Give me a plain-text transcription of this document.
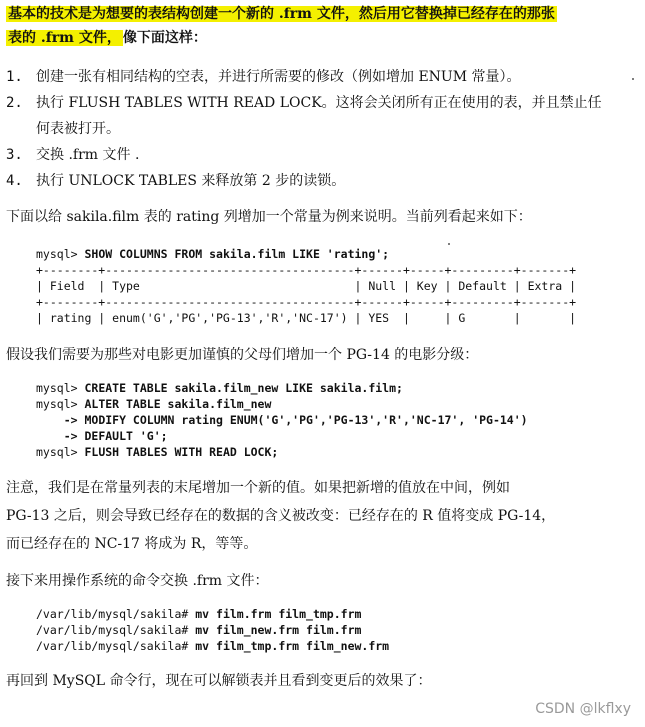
基本的技术是为想要的表结构创建一个新的 .frm 文件，然后用它替换掉已经存在的那张
表的 .frm 文件， 像下面这样：
1. 创建一张有相同结构的空表，并进行所需要的修改（例如增加 ENUM 常量）。
2. 执行 FLUSH TABLES WITH READ LOCK。这将会关闭所有正在使用的表，并且禁止任
何表被打开。
3. 交换 .frm 文件 .
4. 执行 UNLOCK TABLES 来释放第 2 步的读锁。
下面以给 sakila.film 表的 rating 列增加一个常量为例来说明。当前列看起来如下：
mysql> SHOW COLUMNS FROM sakila.film LIKE 'rating';
+--------+------------------------------------+------+-----+---------+-------+
| Field  | Type                               | Null | Key | Default | Extra |
+--------+------------------------------------+------+-----+---------+-------+
| rating | enum('G','PG','PG-13','R','NC-17') | YES  |     | G       |       |
假设我们需要为那些对电影更加谨慎的父母们增加一个 PG-14 的电影分级：
mysql> CREATE TABLE sakila.film_new LIKE sakila.film;
mysql> ALTER TABLE sakila.film_new
-> MODIFY COLUMN rating ENUM('G','PG','PG-13','R','NC-17', 'PG-14')
-> DEFAULT 'G';
mysql> FLUSH TABLES WITH READ LOCK;
注意，我们是在常量列表的末尾增加一个新的值。如果把新增的值放在中间，例如
PG-13 之后，则会导致已经存在的数据的含义被改变：已经存在的 R 值将变成 PG-14，
而已经存在的 NC-17 将成为 R，等等。
接下来用操作系统的命令交换 .frm 文件：
/var/lib/mysql/sakila# mv film.frm film_tmp.frm
/var/lib/mysql/sakila# mv film_new.frm film.frm
/var/lib/mysql/sakila# mv film_tmp.frm film_new.frm
再回到 MySQL 命令行，现在可以解锁表并且看到变更后的效果了：
CSDN @lkflxy
